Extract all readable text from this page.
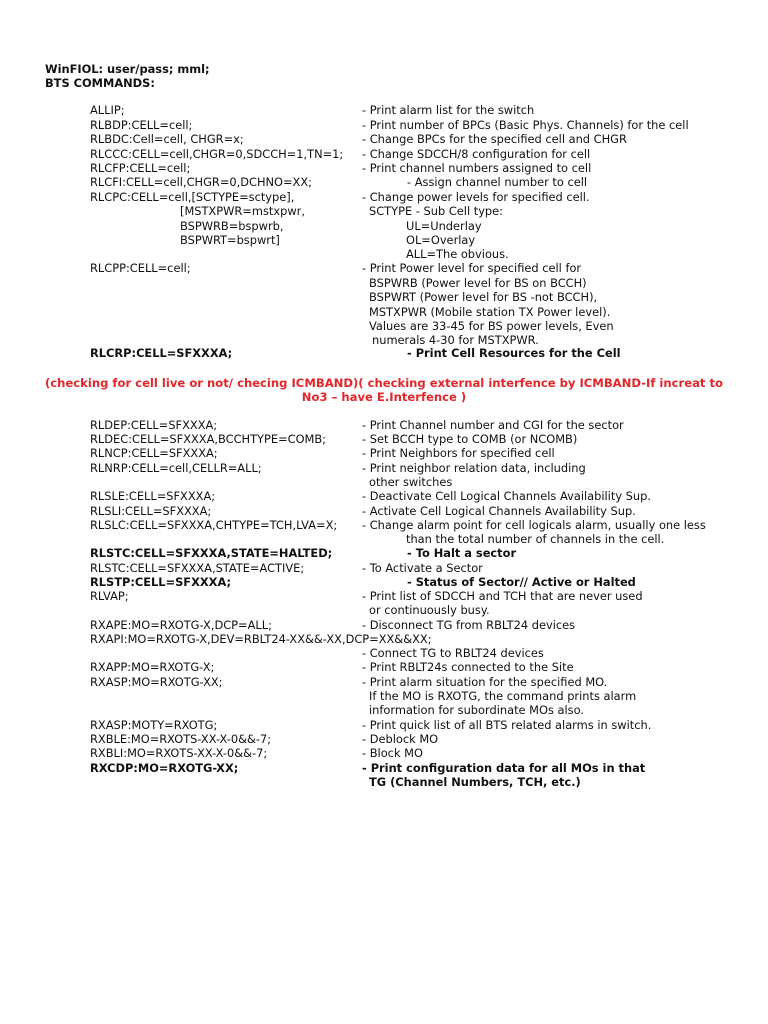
WinFIOL: user/pass; mml;
BTS COMMANDS:
ALLIP;	- Print alarm list for the switch
RLBDP:CELL=cell;	- Print number of BPCs (Basic Phys. Channels) for the cell
RLBDC:Cell=cell, CHGR=x;	- Change BPCs for the specified cell and CHGR
RLCCC:CELL=cell,CHGR=0,SDCCH=1,TN=1; - Change SDCCH/8 configuration for cell
RLCFP:CELL=cell;	- Print channel numbers assigned to cell
RLCFI:CELL=cell,CHGR=0,DCHNO=XX;	- Assign channel number to cell
RLCPC:CELL=cell,[SCTYPE=sctype],	- Change power levels for specified cell.
[MSTXPWR=mstxpwr,	SCTYPE - Sub Cell type:
BSPWRB=bspwrb,	UL=Underlay
BSPWRT=bspwrt]	OL=Overlay
ALL=The obvious.
RLCPP:CELL=cell;	- Print Power level for specified cell for
BSPWRB (Power level for BS on BCCH)
BSPWRT (Power level for BS -not BCCH),
MSTXPWR (Mobile station TX Power level).
Values are 33-45 for BS power levels, Even
numerals 4-30 for MSTXPWR.
RLCRP:CELL=SFXXXA;	- Print Cell Resources for the Cell
RLDEP:CELL=SFXXXA;	- Print Channel number and CGI for the sector
RLDEC:CELL=SFXXXA,BCCHTYPE=COMB;	- Set BCCH type to COMB (or NCOMB)
RLNCP:CELL=SFXXXA;	- Print Neighbors for specified cell
RLNRP:CELL=cell,CELLR=ALL;	- Print neighbor relation data, including
other switches
RLSLE:CELL=SFXXXA;	- Deactivate Cell Logical Channels Availability Sup.
RLSLI:CELL=SFXXXA;	- Activate Cell Logical Channels Availability Sup.
RLSLC:CELL=SFXXXA,CHTYPE=TCH,LVA=X; - Change alarm point for cell logicals alarm, usually one less
than the total number of channels in the cell.
RLSTC:CELL=SFXXXA,STATE=HALTED;	- To Halt a sector
RLSTC:CELL=SFXXXA,STATE=ACTIVE;	- To Activate a Sector
RLSTP:CELL=SFXXXA;	- Status of Sector// Active or Halted
RLVAP;	- Print list of SDCCH and TCH that are never used
or continuously busy.
RXAPE:MO=RXOTG-X,DCP=ALL;	- Disconnect TG from RBLT24 devices
RXAPI:MO=RXOTG-X,DEV=RBLT24-XX&&-XX,DCP=XX&&XX;
- Connect TG to RBLT24 devices
RXAPP:MO=RXOTG-X;	- Print RBLT24s connected to the Site
RXASP:MO=RXOTG-XX;	- Print alarm situation for the specified MO.
If the MO is RXOTG, the command prints alarm
information for subordinate MOs also.
RXASP:MOTY=RXOTG;	- Print quick list of all BTS related alarms in switch.
RXBLE:MO=RXOTS-XX-X-0&&-7;	- Deblock MO
RXBLI:MO=RXOTS-XX-X-0&&-7;	- Block MO
RXCDP:MO=RXOTG-XX;	- Print configuration data for all MOs in that
TG (Channel Numbers, TCH, etc.)
(checking for cell live or not/ checing ICMBAND)( checking external interfence by ICMBAND-If increat to
No3 – have E.Interfence )
